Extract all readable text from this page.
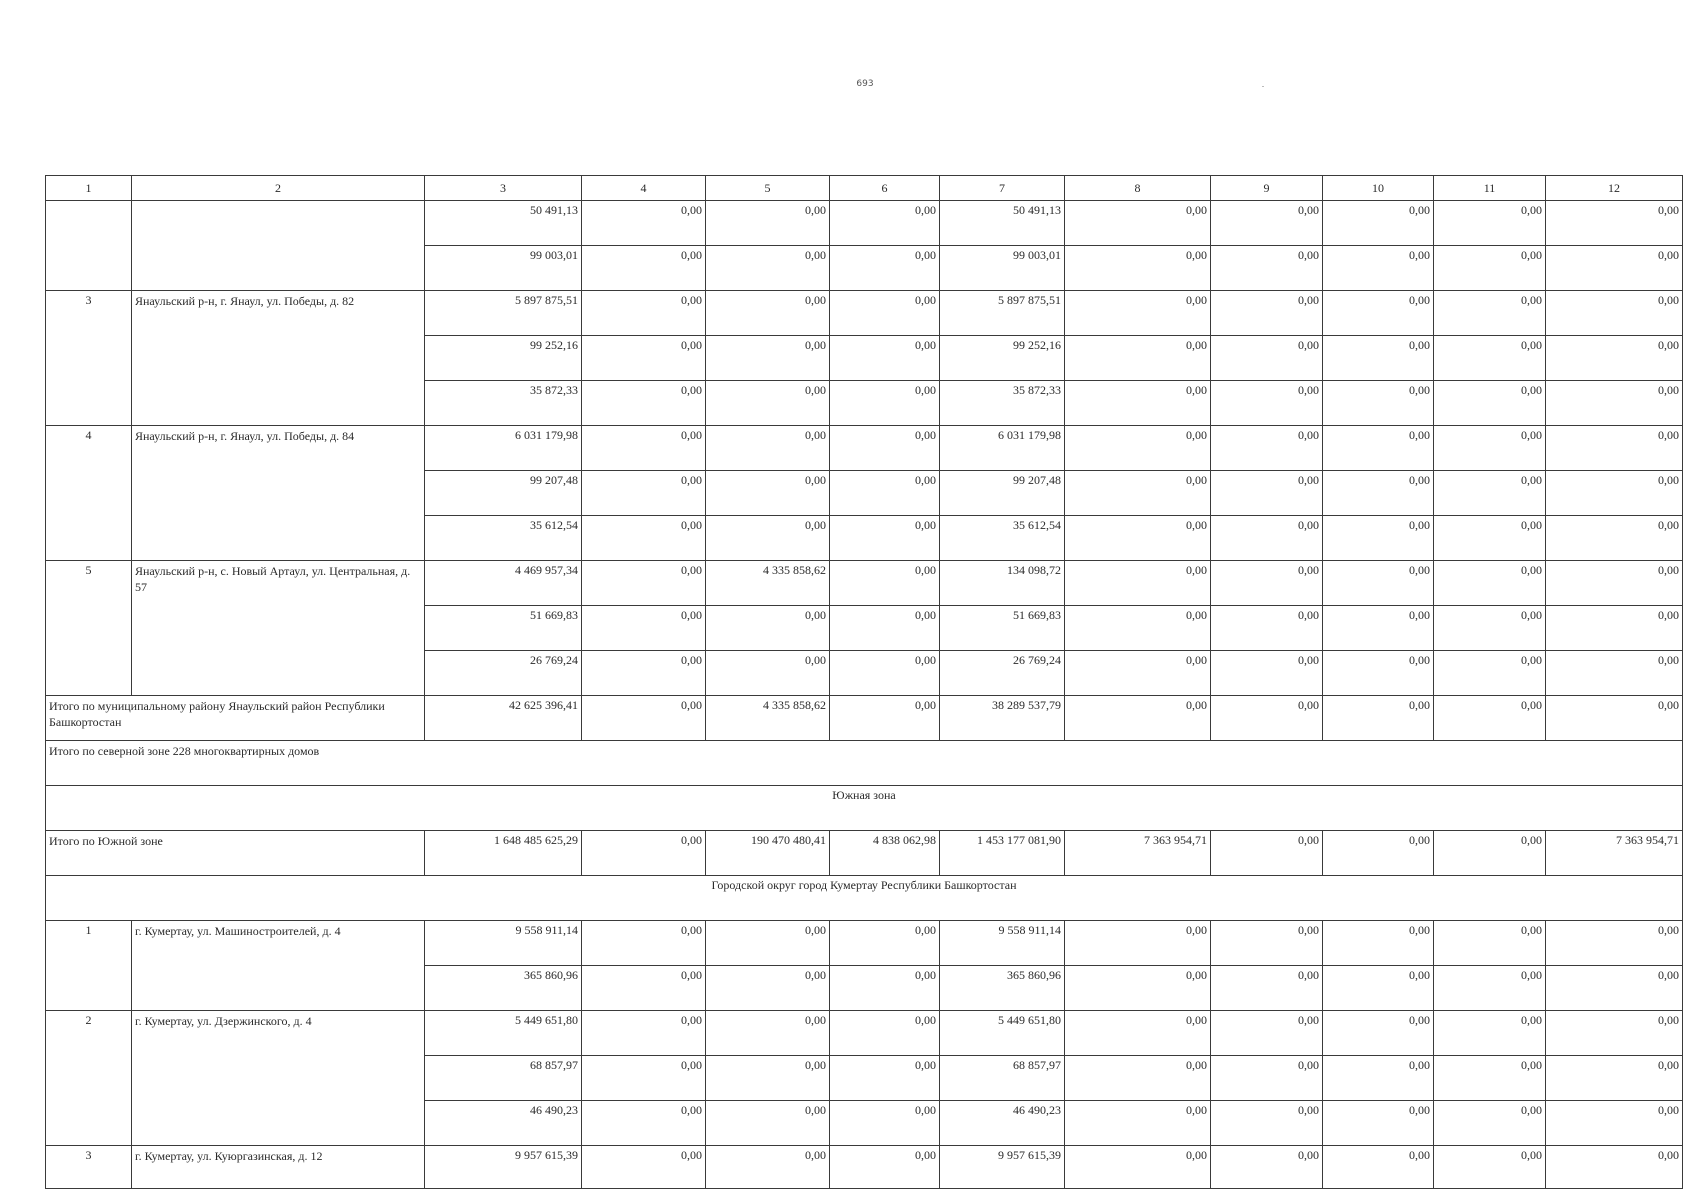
693
1	2	3	4	5	6	7	8	9	10	11	12
		50 491,13	0,00	0,00	0,00	50 491,13	0,00	0,00	0,00	0,00	0,00
		99 003,01	0,00	0,00	0,00	99 003,01	0,00	0,00	0,00	0,00	0,00
3	Янаульский р-н, г. Янаул, ул. Победы, д. 82	5 897 875,51	0,00	0,00	0,00	5 897 875,51	0,00	0,00	0,00	0,00	0,00
		99 252,16	0,00	0,00	0,00	99 252,16	0,00	0,00	0,00	0,00	0,00
		35 872,33	0,00	0,00	0,00	35 872,33	0,00	0,00	0,00	0,00	0,00
4	Янаульский р-н, г. Янаул, ул. Победы, д. 84	6 031 179,98	0,00	0,00	0,00	6 031 179,98	0,00	0,00	0,00	0,00	0,00
		99 207,48	0,00	0,00	0,00	99 207,48	0,00	0,00	0,00	0,00	0,00
		35 612,54	0,00	0,00	0,00	35 612,54	0,00	0,00	0,00	0,00	0,00
5	Янаульский р-н, с. Новый Артаул, ул. Центральная, д. 57	4 469 957,34	0,00	4 335 858,62	0,00	134 098,72	0,00	0,00	0,00	0,00	0,00
		51 669,83	0,00	0,00	0,00	51 669,83	0,00	0,00	0,00	0,00	0,00
		26 769,24	0,00	0,00	0,00	26 769,24	0,00	0,00	0,00	0,00	0,00
Итого по муниципальному району Янаульский район Республики Башкортостан		42 625 396,41	0,00	4 335 858,62	0,00	38 289 537,79	0,00	0,00	0,00	0,00	0,00
Итого по северной зоне 228 многоквартирных домов											
Южная зона											
Итого по Южной зоне		1 648 485 625,29	0,00	190 470 480,41	4 838 062,98	1 453 177 081,90	7 363 954,71	0,00	0,00	0,00	7 363 954,71
Городской округ город Кумертау Республики Башкортостан											
1	г. Кумертау, ул. Машиностроителей, д. 4	9 558 911,14	0,00	0,00	0,00	9 558 911,14	0,00	0,00	0,00	0,00	0,00
		365 860,96	0,00	0,00	0,00	365 860,96	0,00	0,00	0,00	0,00	0,00
2	г. Кумертау, ул. Дзержинского, д. 4	5 449 651,80	0,00	0,00	0,00	5 449 651,80	0,00	0,00	0,00	0,00	0,00
		68 857,97	0,00	0,00	0,00	68 857,97	0,00	0,00	0,00	0,00	0,00
		46 490,23	0,00	0,00	0,00	46 490,23	0,00	0,00	0,00	0,00	0,00
3	г. Кумертау, ул. Куюргазинская, д. 12	9 957 615,39	0,00	0,00	0,00	9 957 615,39	0,00	0,00	0,00	0,00	0,00
